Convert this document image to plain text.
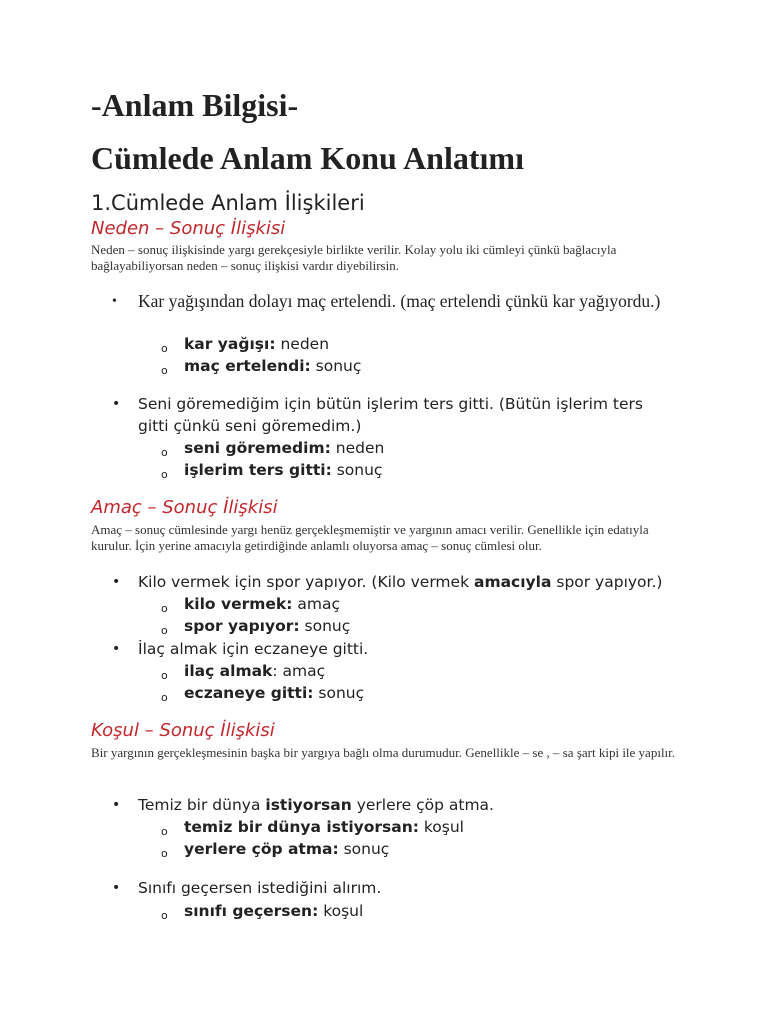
-Anlam Bilgisi-
Cümlede Anlam Konu Anlatımı
1.Cümlede Anlam İlişkileri
Neden – Sonuç İlişkisi

Neden – sonuç ilişkisinde yargı gerekçesiyle birlikte verilir. Kolay yolu iki cümleyi çünkü bağlacıyla bağlayabiliyorsan neden – sonuç ilişkisi vardır diyebilirsin.

• Kar yağışından dolayı maç ertelendi. (maç ertelendi çünkü kar yağıyordu.)
o kar yağışı: neden
o maç ertelendi: sonuç
• Seni göremediğim için bütün işlerim ters gitti. (Bütün işlerim ters gitti çünkü seni göremedim.)
o seni göremedim: neden
o işlerim ters gitti: sonuç
Amaç – Sonuç İlişkisi

Amaç – sonuç cümlesinde yargı henüz gerçekleşmemiştir ve yargının amacı verilir. Genellikle için edatıyla kurulur. İçin yerine amacıyla getirdiğinde anlamlı oluyorsa amaç – sonuç cümlesi olur.

• Kilo vermek için spor yapıyor. (Kilo vermek amacıyla spor yapıyor.)
o kilo vermek: amaç
o spor yapıyor: sonuç
• İlaç almak için eczaneye gitti.
o ilaç almak: amaç
o eczaneye gitti: sonuç
Koşul – Sonuç İlişkisi

Bir yargının gerçekleşmesinin başka bir yargıya bağlı olma durumudur. Genellikle – se , – sa şart kipi ile yapılır.

• Temiz bir dünya istiyorsan yerlere çöp atma.
o temiz bir dünya istiyorsan: koşul
o yerlere çöp atma: sonuç
• Sınıfı geçersen istediğini alırım.
o sınıfı geçersen: koşul
